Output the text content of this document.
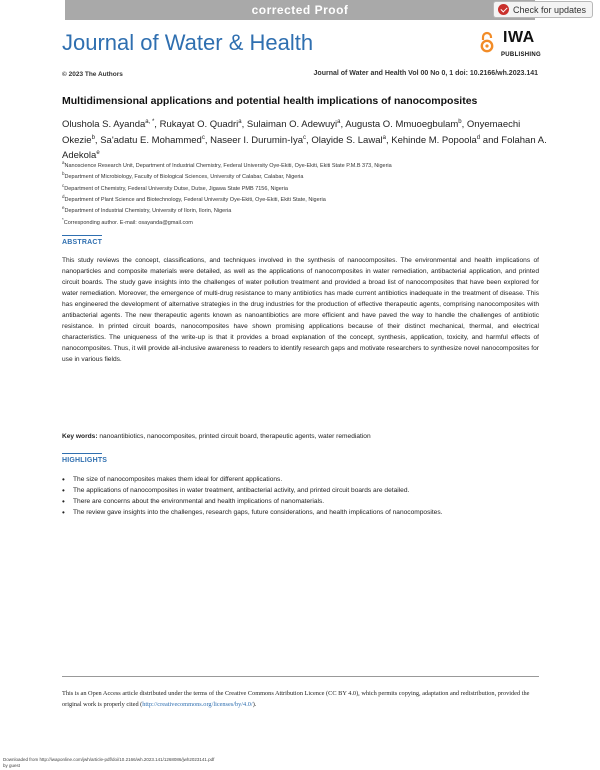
corrected Proof	Check for updates
Journal of Water & Health	IWA
PUBLISHING
© 2023 The Authors	Journal of Water and Health Vol 00 No 0, 1 doi: 10.2166/wh.2023.141
Multidimensional applications and potential health implications of nanocomposites
Olushola S. Ayanda$^{a, *}$, Rukayat O. Quadri$^a$, Sulaiman O. Adewuyi$^a$, Augusta O. Mmuoegbulam$^b$, Onyemaechi Okezie$^b$, Sa'adatu E. Mohammed$^c$, Naseer I. Durumin-Iya$^c$, Olayide S. Lawal$^a$, Kehinde M. Popoola$^d$ and Folahan A. Adekola$^e$
$^a$Nanoscience Research Unit, Department of Industrial Chemistry, Federal University Oye-Ekiti, Oye-Ekiti, Ekiti State P.M.B 373, Nigeria
$^b$Department of Microbiology, Faculty of Biological Sciences, University of Calabar, Calabar, Nigeria
$^c$Department of Chemistry, Federal University Dutse, Dutse, Jigawa State PMB 7156, Nigeria
$^d$Department of Plant Science and Biotechnology, Federal University Oye-Ekiti, Oye-Ekiti, Ekiti State, Nigeria
$^e$Department of Industrial Chemistry, University of Ilorin, Ilorin, Nigeria
*Corresponding author. E-mail: osayanda@gmail.com
ABSTRACT
This study reviews the concept, classifications, and techniques involved in the synthesis of nanocomposites. The environmental and health implications of nanoparticles and composite materials were detailed, as well as the applications of nanocomposites in water remediation, antibacterial application, and printed circuit boards. The study gave insights into the challenges of water pollution treatment and provided a broad list of nanocomposites that have been explored for water remediation. Moreover, the emergence of multi-drug resistance to many antibiotics has made current antibiotics inadequate in the treatment of disease. This has engineered the development of alternative strategies in the drug industries for the production of effective therapeutic agents, comprising nanocomposites with antibacterial agents. The new therapeutic agents known as nanoantibiotics are more efficient and have paved the way to handle the challenges of antibiotic resistance. In printed circuit boards, nanocomposites have shown promising applications because of their distinct mechanical, thermal, and electrical characteristics. The uniqueness of the write-up is that it provides a broad explanation of the concept, synthesis, application, toxicity, and harmful effects of nanocomposites. Thus, it will provide all-inclusive awareness to readers to identify research gaps and motivate researchers to synthesize novel nanocomposites for use in various fields.
Key words: nanoantibiotics, nanocomposites, printed circuit board, therapeutic agents, water remediation
HIGHLIGHTS
• The size of nanocomposites makes them ideal for different applications.
• The applications of nanocomposites in water treatment, antibacterial activity, and printed circuit boards are detailed.
• There are concerns about the environmental and health implications of nanomaterials.
• The review gave insights into the challenges, research gaps, future considerations, and health implications of nanocomposites.
This is an Open Access article distributed under the terms of the Creative Commons Attribution Licence (CC BY 4.0), which permits copying, adaptation and redistribution, provided the original work is properly cited (http://creativecommons.org/licenses/by/4.0/).
Downloaded from http://iwaponline.com/jwh/article-pdf/doi/10.2166/wh.2023.141/1268086/jwh2023141.pdf
by guest
